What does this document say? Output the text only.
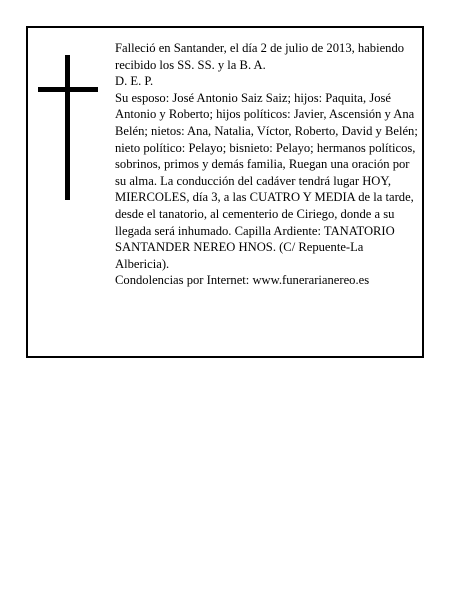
Falleció en Santander, el día 2 de julio de 2013, habiendo recibido los SS. SS. y la B. A.

D. E. P.

Su esposo: José Antonio Saiz Saiz; hijos: Paquita, José Antonio y Roberto; hijos políticos: Javier, Ascensión y Ana Belén; nietos: Ana, Natalia, Víctor, Roberto, David y Belén; nieto político: Pelayo; bisnieto: Pelayo; hermanos políticos, sobrinos, primos y demás familia, Ruegan una oración por su alma. La conducción del cadáver tendrá lugar HOY, MIERCOLES, día 3, a las CUATRO Y MEDIA de la tarde, desde el tanatorio, al cementerio de Ciriego, donde a su llegada será inhumado. Capilla Ardiente: TANATORIO SANTANDER NEREO HNOS. (C/ Repuente-La Albericia).

Condolencias por Internet: www.funerarianereo.es
